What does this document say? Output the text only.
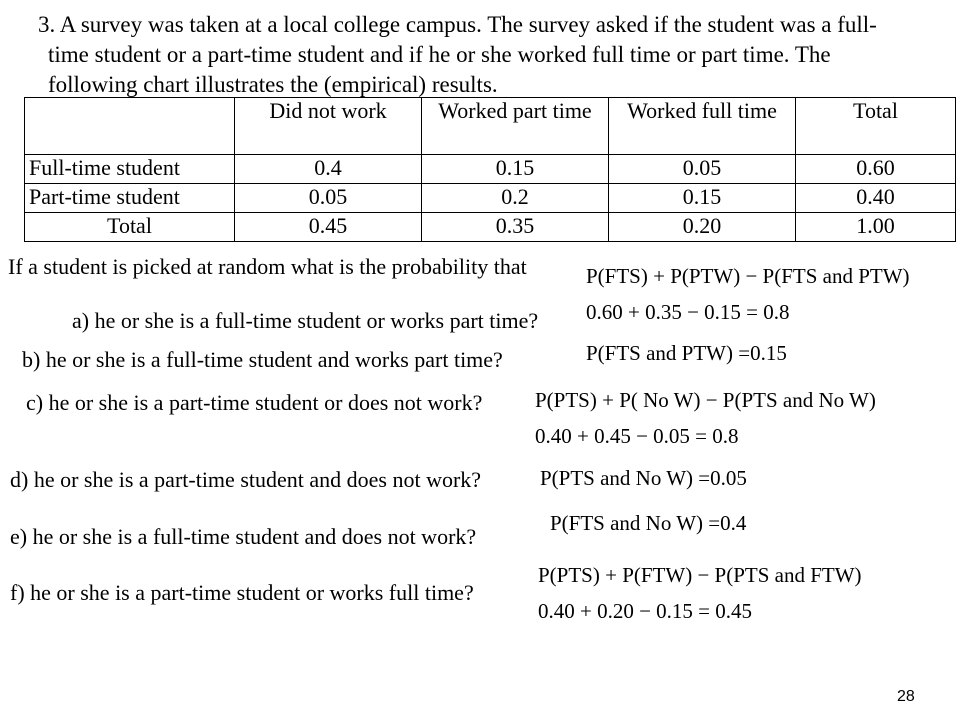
3. A survey was taken at a local college campus. The survey asked if the student was a full-
time student or a part-time student and if he or she worked full time or part time. The
following chart illustrates the (empirical) results.
	Did not work	Worked part time	Worked full time	Total
Full-time student	0.4	0.15	0.05	0.60
Part-time student	0.05	0.2	0.15	0.40
Total	0.45	0.35	0.20	1.00
If a student is picked at random what is the probability that
a) he or she is a full-time student or works part time?
b) he or she is a full-time student and works part time?
c) he or she is a part-time student or does not work?
d) he or she is a part-time student and does not work?
e) he or she is a full-time student and does not work?
f) he or she is a part-time student or works full time?
P(FTS) + P(PTW) − P(FTS and PTW)
0.60 + 0.35 − 0.15 = 0.8
P(FTS and PTW) =0.15
P(PTS) + P( No W) − P(PTS and No W)
0.40 + 0.45 − 0.05 = 0.8
P(PTS and No W) =0.05
P(FTS and No W) =0.4
P(PTS) + P(FTW) − P(PTS and FTW)
0.40 + 0.20 − 0.15 = 0.45
28
